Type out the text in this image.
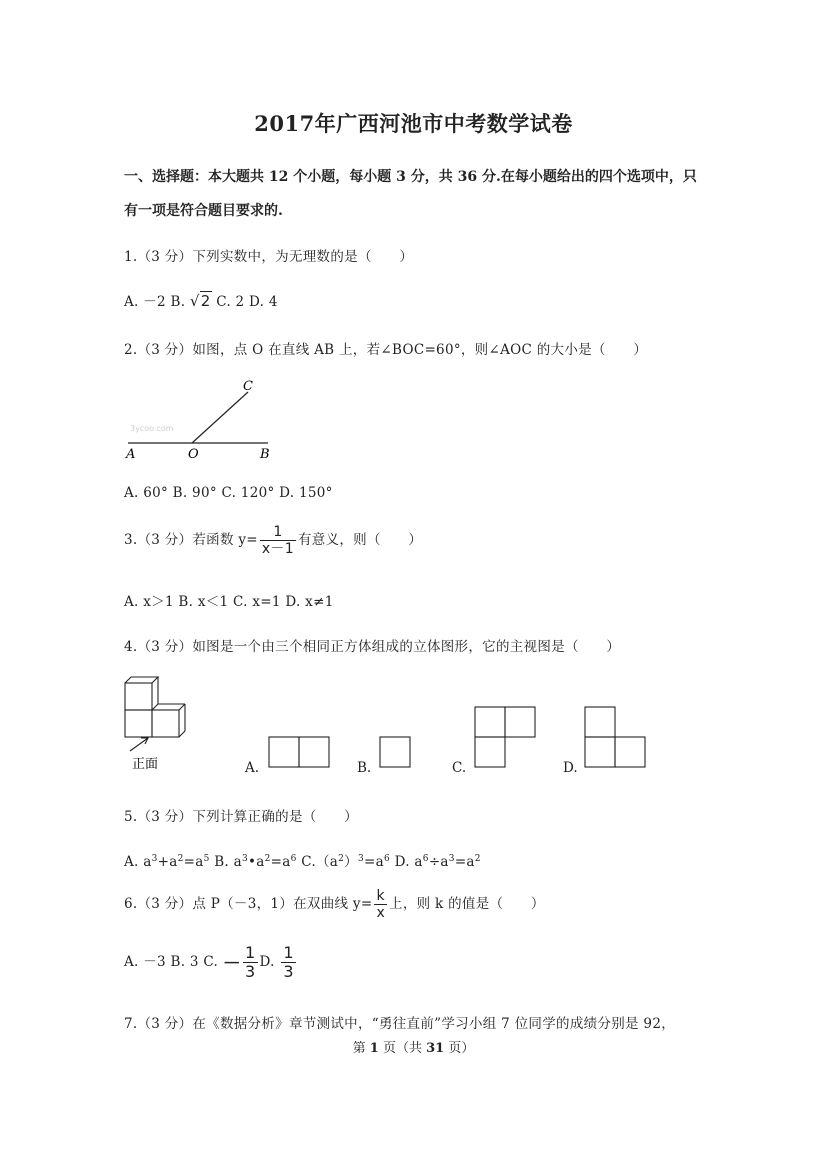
2017年广西河池市中考数学试卷
一、选择题：本大题共 12 个小题，每小题 3 分，共 36 分.在每小题给出的四个选项中，只
有一项是符合题目要求的.
1.（3 分）下列实数中，为无理数的是（　　）
A. －2 B. √2 C. 2 D. 4
2.（3 分）如图，点 O 在直线 AB 上，若∠BOC=60°，则∠AOC 的大小是（　　）
A	O	B
C
3ycoo.com
A. 60° B. 90° C. 120° D. 150°
3.（3 分）若函数 $y= \frac{1}{x-1}$ 有意义，则（　　）
A. x＞1 B. x＜1 C. x=1 D. x≠1
4.（3 分）如图是一个由三个相同正方体组成的立体图形，它的主视图是（　　）
正面	A.	B.	C.	D.
5.（3 分）下列计算正确的是（　　）
A. $a^3+a^2=a^5$ B. $a^3•a^2=a^6$ $C.(a^2)^3=a^6$ D. $a^6\div a^3=a^2$
6.（3 分）点 P（－3，1）在双曲线 $y= \frac{k}{x}$ 上，则 k 的值是（　　）
A. －3 B. 3 C. － $\frac{1}{3} D$. $\frac{1}{3}$
7.（3 分）在《数据分析》章节测试中，“勇往直前”学习小组 7 位同学的成绩分别是 92，
第 1 页（共 31 页）
